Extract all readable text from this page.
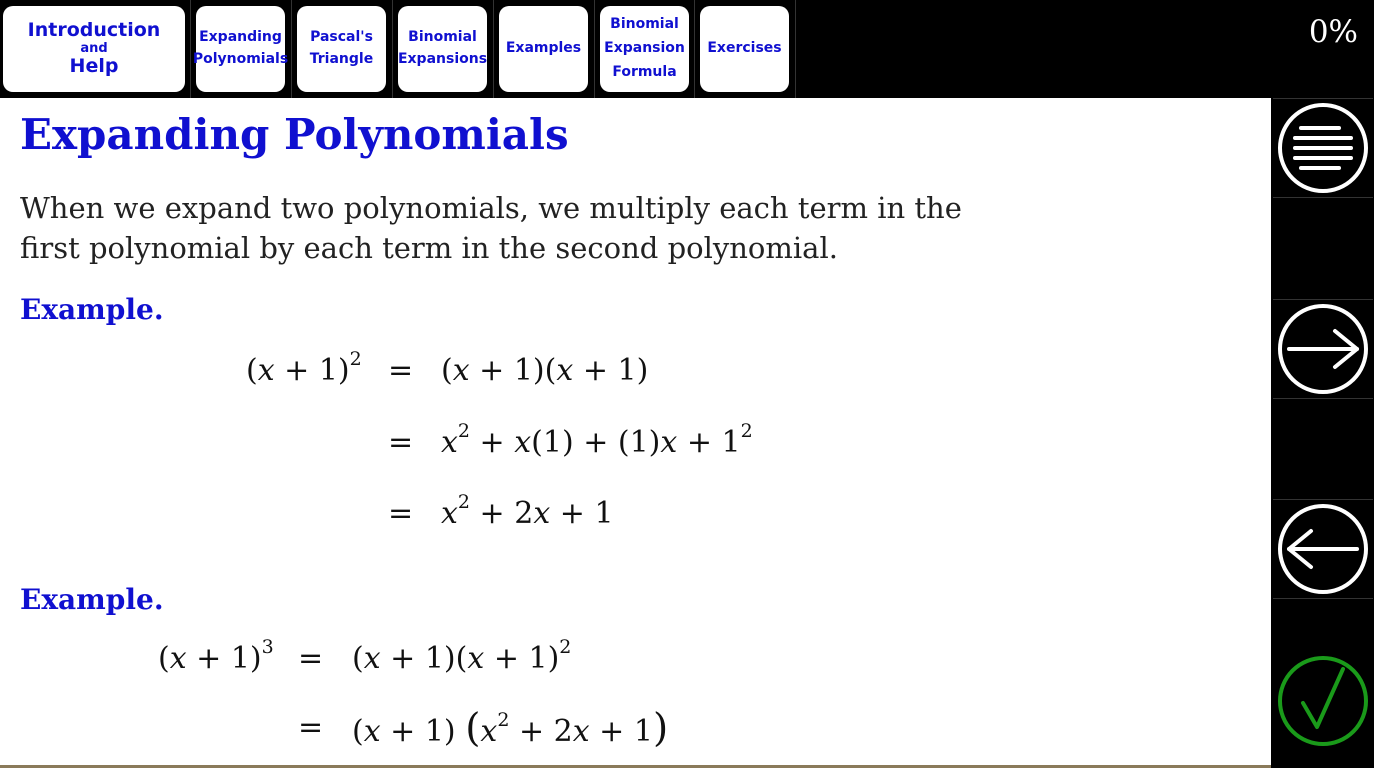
Introduction
and
Help
Expanding
Polynomials
Pascal's
Triangle
Binomial
Expansions
Examples
Binomial
Expansion
Formula
Exercises	0%
Expanding Polynomials
When we expand two polynomials, we multiply each term in the first polynomial by each term in the second polynomial.
Example.
$(x + 1)^2 = (x + 1)(x + 1)$
= $x^2 + x(1) + (1)x + 1^2$
= $x^2 + 2x + 1$
Example.
$(x + 1)^3 = (x + 1)(x + 1)^2$
= (x + 1) $(x^2 + 2x + 1)$
